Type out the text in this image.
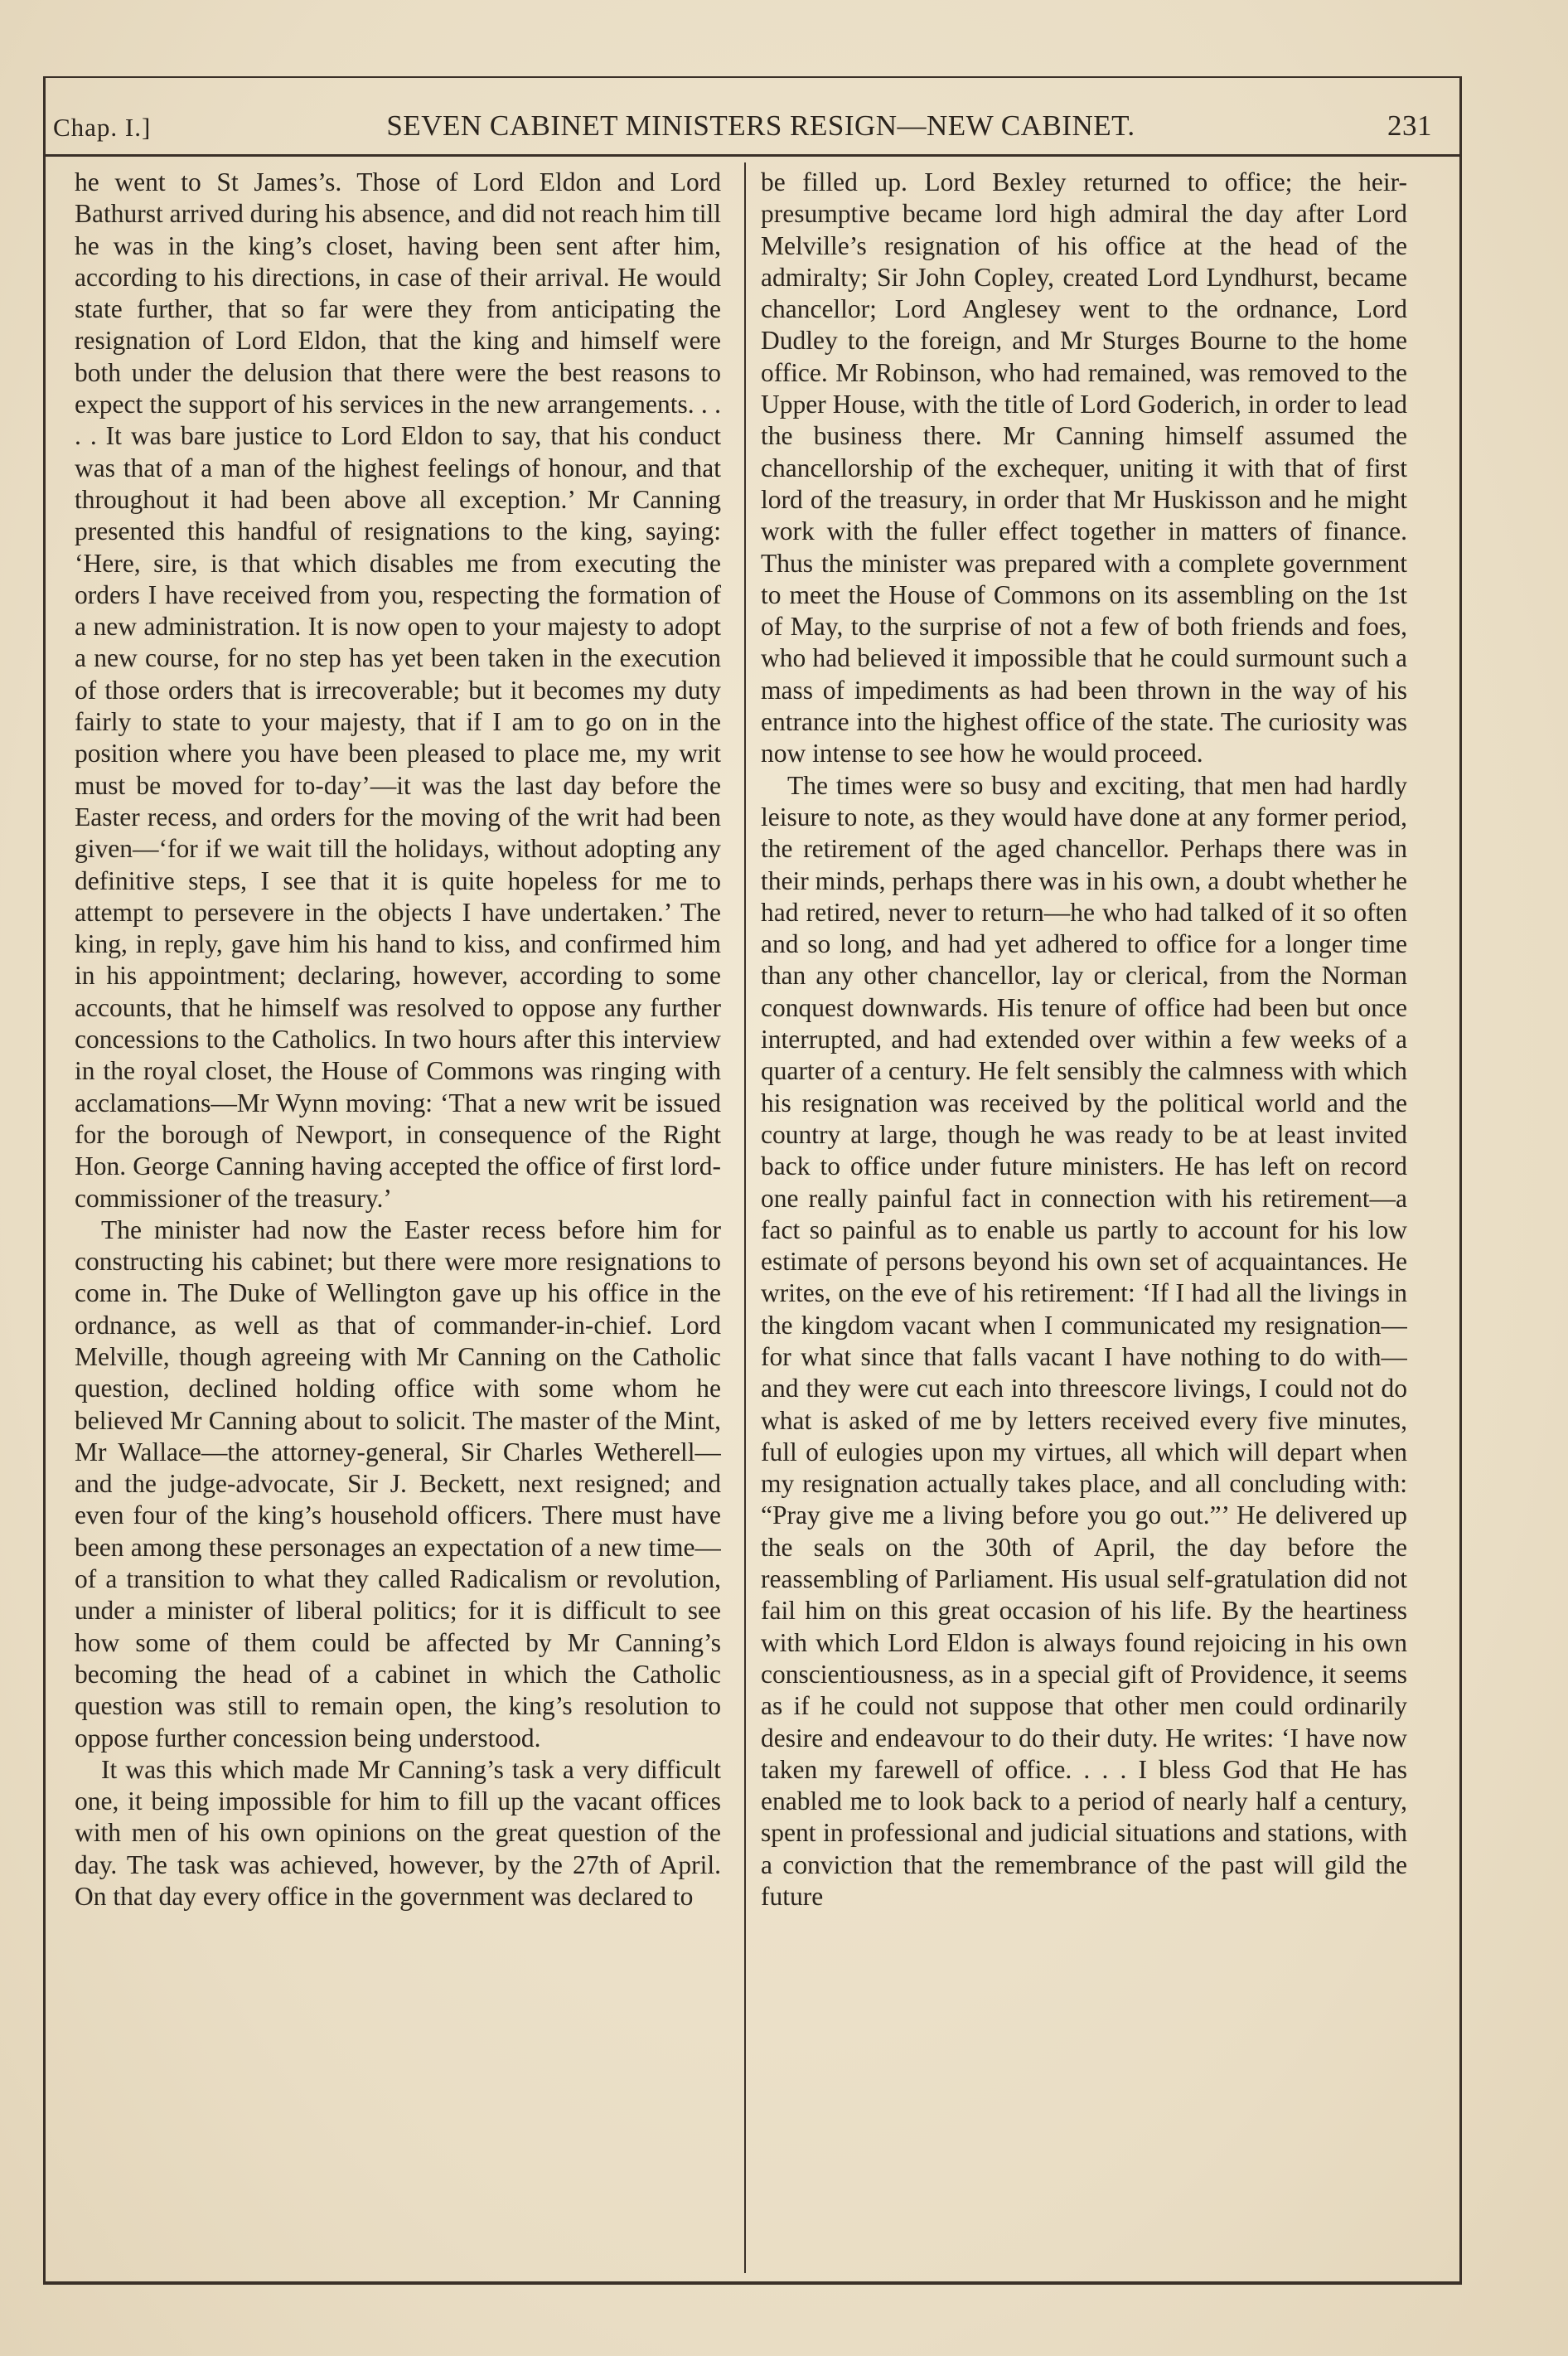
Chap. I.]	SEVEN CABINET MINISTERS RESIGN—NEW CABINET.	231

he went to St James’s. Those of Lord Eldon and Lord Bathurst arrived during his absence, and did not reach him till he was in the king’s closet, having been sent after him, according to his directions, in case of their arrival. He would state further, that so far were they from anticipating the resignation of Lord Eldon, that the king and himself were both under the delusion that there were the best reasons to expect the support of his services in the new arrangements. . . . . It was bare justice to Lord Eldon to say, that his conduct was that of a man of the highest feelings of honour, and that throughout it had been above all exception.’ Mr Canning presented this handful of resignations to the king, saying: ‘Here, sire, is that which disables me from executing the orders I have received from you, respecting the formation of a new administration. It is now open to your majesty to adopt a new course, for no step has yet been taken in the execution of those orders that is irrecoverable; but it becomes my duty fairly to state to your majesty, that if I am to go on in the position where you have been pleased to place me, my writ must be moved for to-day’—it was the last day before the Easter recess, and orders for the moving of the writ had been given—‘for if we wait till the holidays, without adopting any definitive steps, I see that it is quite hopeless for me to attempt to persevere in the objects I have undertaken.’ The king, in reply, gave him his hand to kiss, and confirmed him in his appointment; declaring, however, according to some accounts, that he himself was resolved to oppose any further concessions to the Catholics. In two hours after this interview in the royal closet, the House of Commons was ringing with acclamations—Mr Wynn moving: ‘That a new writ be issued for the borough of Newport, in consequence of the Right Hon. George Canning having accepted the office of first lord-commissioner of the treasury.’

The minister had now the Easter recess before him for constructing his cabinet; but there were more resignations to come in. The Duke of Wellington gave up his office in the ordnance, as well as that of commander-in-chief. Lord Melville, though agreeing with Mr Canning on the Catholic question, declined holding office with some whom he believed Mr Canning about to solicit. The master of the Mint, Mr Wallace—the attorney-general, Sir Charles Wetherell—and the judge-advocate, Sir J. Beckett, next resigned; and even four of the king’s household officers. There must have been among these personages an expectation of a new time—of a transition to what they called Radicalism or revolution, under a minister of liberal politics; for it is difficult to see how some of them could be affected by Mr Canning’s becoming the head of a cabinet in which the Catholic question was still to remain open, the king’s resolution to oppose further concession being understood.

It was this which made Mr Canning’s task a very difficult one, it being impossible for him to fill up the vacant offices with men of his own opinions on the great question of the day. The task was achieved, however, by the 27th of April. On that day every office in the government was declared to

be filled up. Lord Bexley returned to office; the heir-presumptive became lord high admiral the day after Lord Melville’s resignation of his office at the head of the admiralty; Sir John Copley, created Lord Lyndhurst, became chancellor; Lord Anglesey went to the ordnance, Lord Dudley to the foreign, and Mr Sturges Bourne to the home office. Mr Robinson, who had remained, was removed to the Upper House, with the title of Lord Goderich, in order to lead the business there. Mr Canning himself assumed the chancellorship of the exchequer, uniting it with that of first lord of the treasury, in order that Mr Huskisson and he might work with the fuller effect together in matters of finance. Thus the minister was prepared with a complete government to meet the House of Commons on its assembling on the 1st of May, to the surprise of not a few of both friends and foes, who had believed it impossible that he could surmount such a mass of impediments as had been thrown in the way of his entrance into the highest office of the state. The curiosity was now intense to see how he would proceed.

The times were so busy and exciting, that men had hardly leisure to note, as they would have done at any former period, the retirement of the aged chancellor. Perhaps there was in their minds, perhaps there was in his own, a doubt whether he had retired, never to return—he who had talked of it so often and so long, and had yet adhered to office for a longer time than any other chancellor, lay or clerical, from the Norman conquest downwards. His tenure of office had been but once interrupted, and had extended over within a few weeks of a quarter of a century. He felt sensibly the calmness with which his resignation was received by the political world and the country at large, though he was ready to be at least invited back to office under future ministers. He has left on record one really painful fact in connection with his retirement—a fact so painful as to enable us partly to account for his low estimate of persons beyond his own set of acquaintances. He writes, on the eve of his retirement: ‘If I had all the livings in the kingdom vacant when I communicated my resignation—for what since that falls vacant I have nothing to do with—and they were cut each into threescore livings, I could not do what is asked of me by letters received every five minutes, full of eulogies upon my virtues, all which will depart when my resignation actually takes place, and all concluding with: “Pray give me a living before you go out.”’ He delivered up the seals on the 30th of April, the day before the reassembling of Parliament. His usual self-gratulation did not fail him on this great occasion of his life. By the heartiness with which Lord Eldon is always found rejoicing in his own conscientiousness, as in a special gift of Providence, it seems as if he could not suppose that other men could ordinarily desire and endeavour to do their duty. He writes: ‘I have now taken my farewell of office. . . . I bless God that He has enabled me to look back to a period of nearly half a century, spent in professional and judicial situations and stations, with a conviction that the remembrance of the past will gild the future
